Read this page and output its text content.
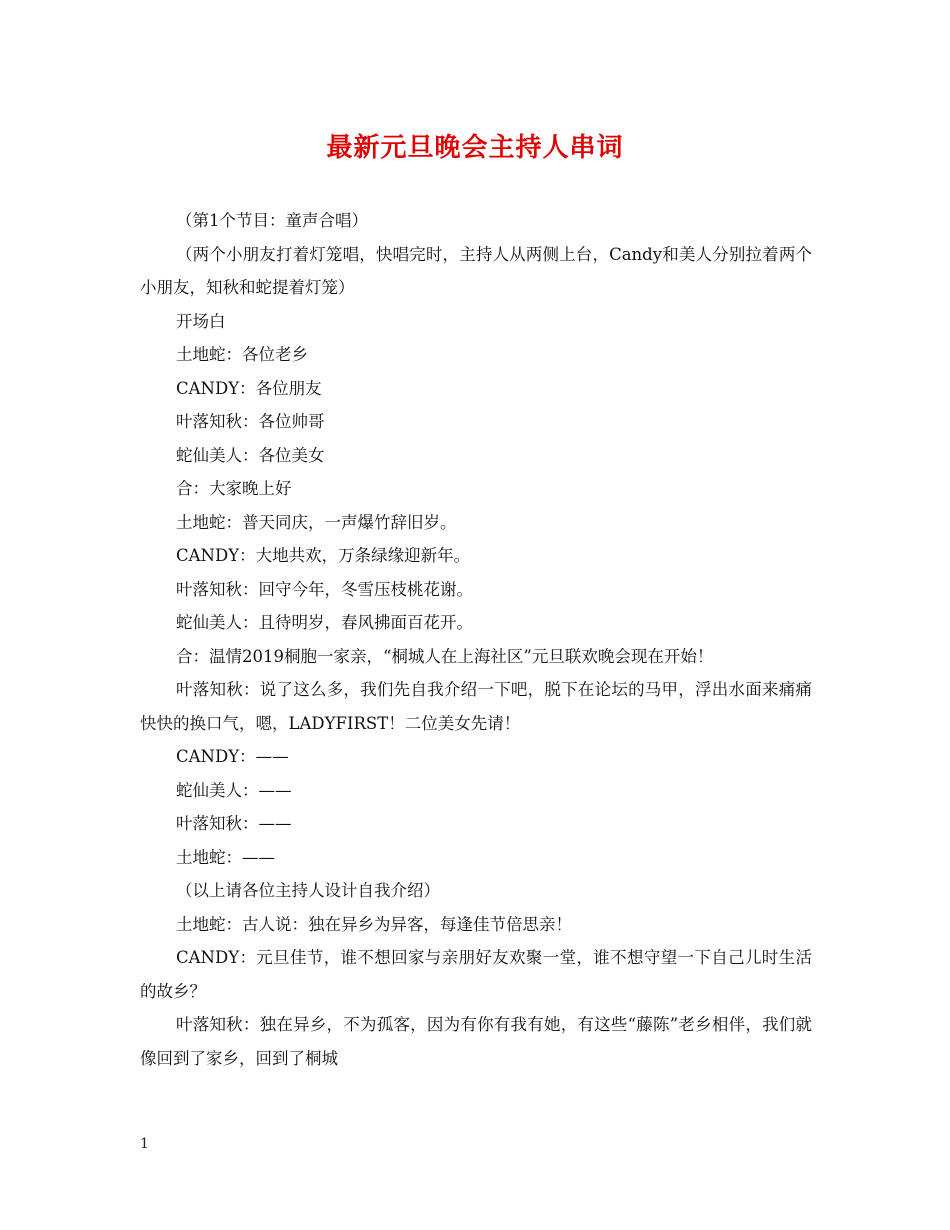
最新元旦晚会主持人串词

（第1个节目：童声合唱）

（两个小朋友打着灯笼唱，快唱完时，主持人从两侧上台，Candy和美人分别拉着两个小朋友，知秋和蛇提着灯笼）

开场白

土地蛇：各位老乡

CANDY：各位朋友

叶落知秋：各位帅哥

蛇仙美人：各位美女

合：大家晚上好

土地蛇：普天同庆，一声爆竹辞旧岁。

CANDY：大地共欢，万条绿缘迎新年。

叶落知秋：回守今年，冬雪压枝桃花谢。

蛇仙美人：且待明岁，春风拂面百花开。

合：温情2019桐胞一家亲，“桐城人在上海社区”元旦联欢晚会现在开始！

叶落知秋：说了这么多，我们先自我介绍一下吧，脱下在论坛的马甲，浮出水面来痛痛快快的换口气，嗯，LADYFIRST！二位美女先请！

CANDY：——

蛇仙美人：——

叶落知秋：——

土地蛇：——

（以上请各位主持人设计自我介绍）

土地蛇：古人说：独在异乡为异客，每逢佳节倍思亲！

CANDY：元旦佳节，谁不想回家与亲朋好友欢聚一堂，谁不想守望一下自己儿时生活的故乡？

叶落知秋：独在异乡，不为孤客，因为有你有我有她，有这些“藤陈”老乡相伴，我们就像回到了家乡，回到了桐城

1
